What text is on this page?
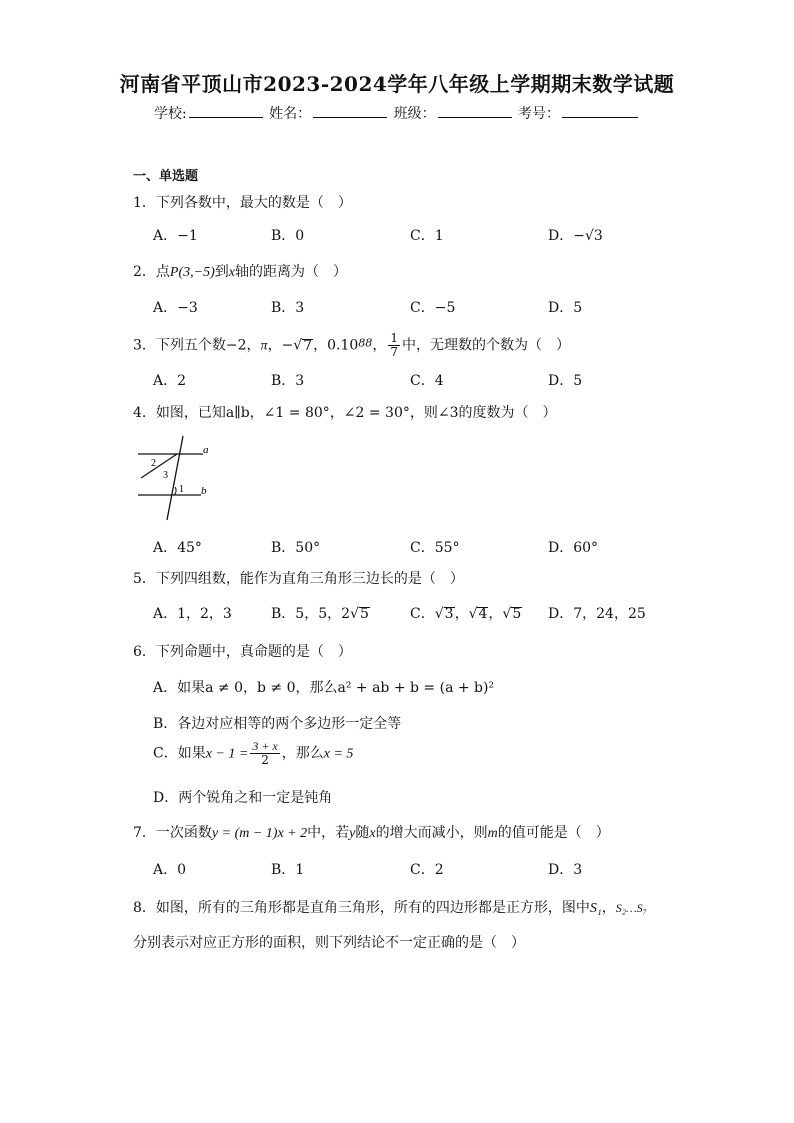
河南省平顶山市2023-2024学年八年级上学期期末数学试题
学校:	姓名：	班级：	考号：
一、单选题
1．下列各数中，最大的数是（　）
A．−1	B．0	C．1	D．−√3
2．点P(3,−5)到x轴的距离为（　）
A．−3	B．3	C．−5	D．5
3．下列五个数−2，π，−√7，0.10$^{88}$， $\frac{1}{7}$ 中，无理数的个数为（　）
A．2	B．3	C．4	D．5
4．如图，已知a∥b，∠1 = 80°，∠2 = 30°，则∠3的度数为（　）
a
b
1
2
3
A．45°	B．50°	C．55°	D．60°
5．下列四组数，能作为直角三角形三边长的是（　）
A．1，2，3	B．5，5，2√5	C．√3，√4，√5 D．7，24，25
6．下列命题中，真命题的是（　）
A．如果a ≠ 0，b ≠ 0，那么a² + ab + b = (a + b)²
B．各边对应相等的两个多边形一定全等
C．如果$x - 1 = \frac{3 + x}{2}$ ，那么x = 5
D．两个锐角之和一定是钝角
7．一次函数y = (m − 1)x + 2中，若y随x的增大而减小，则m的值可能是（　）
A．0	B．1	C．2	D．3
8．如图，所有的三角形都是直角三角形，所有的四边形都是正方形，图中S₁，S₂…S₇
分别表示对应正方形的面积，则下列结论不一定正确的是（　）
